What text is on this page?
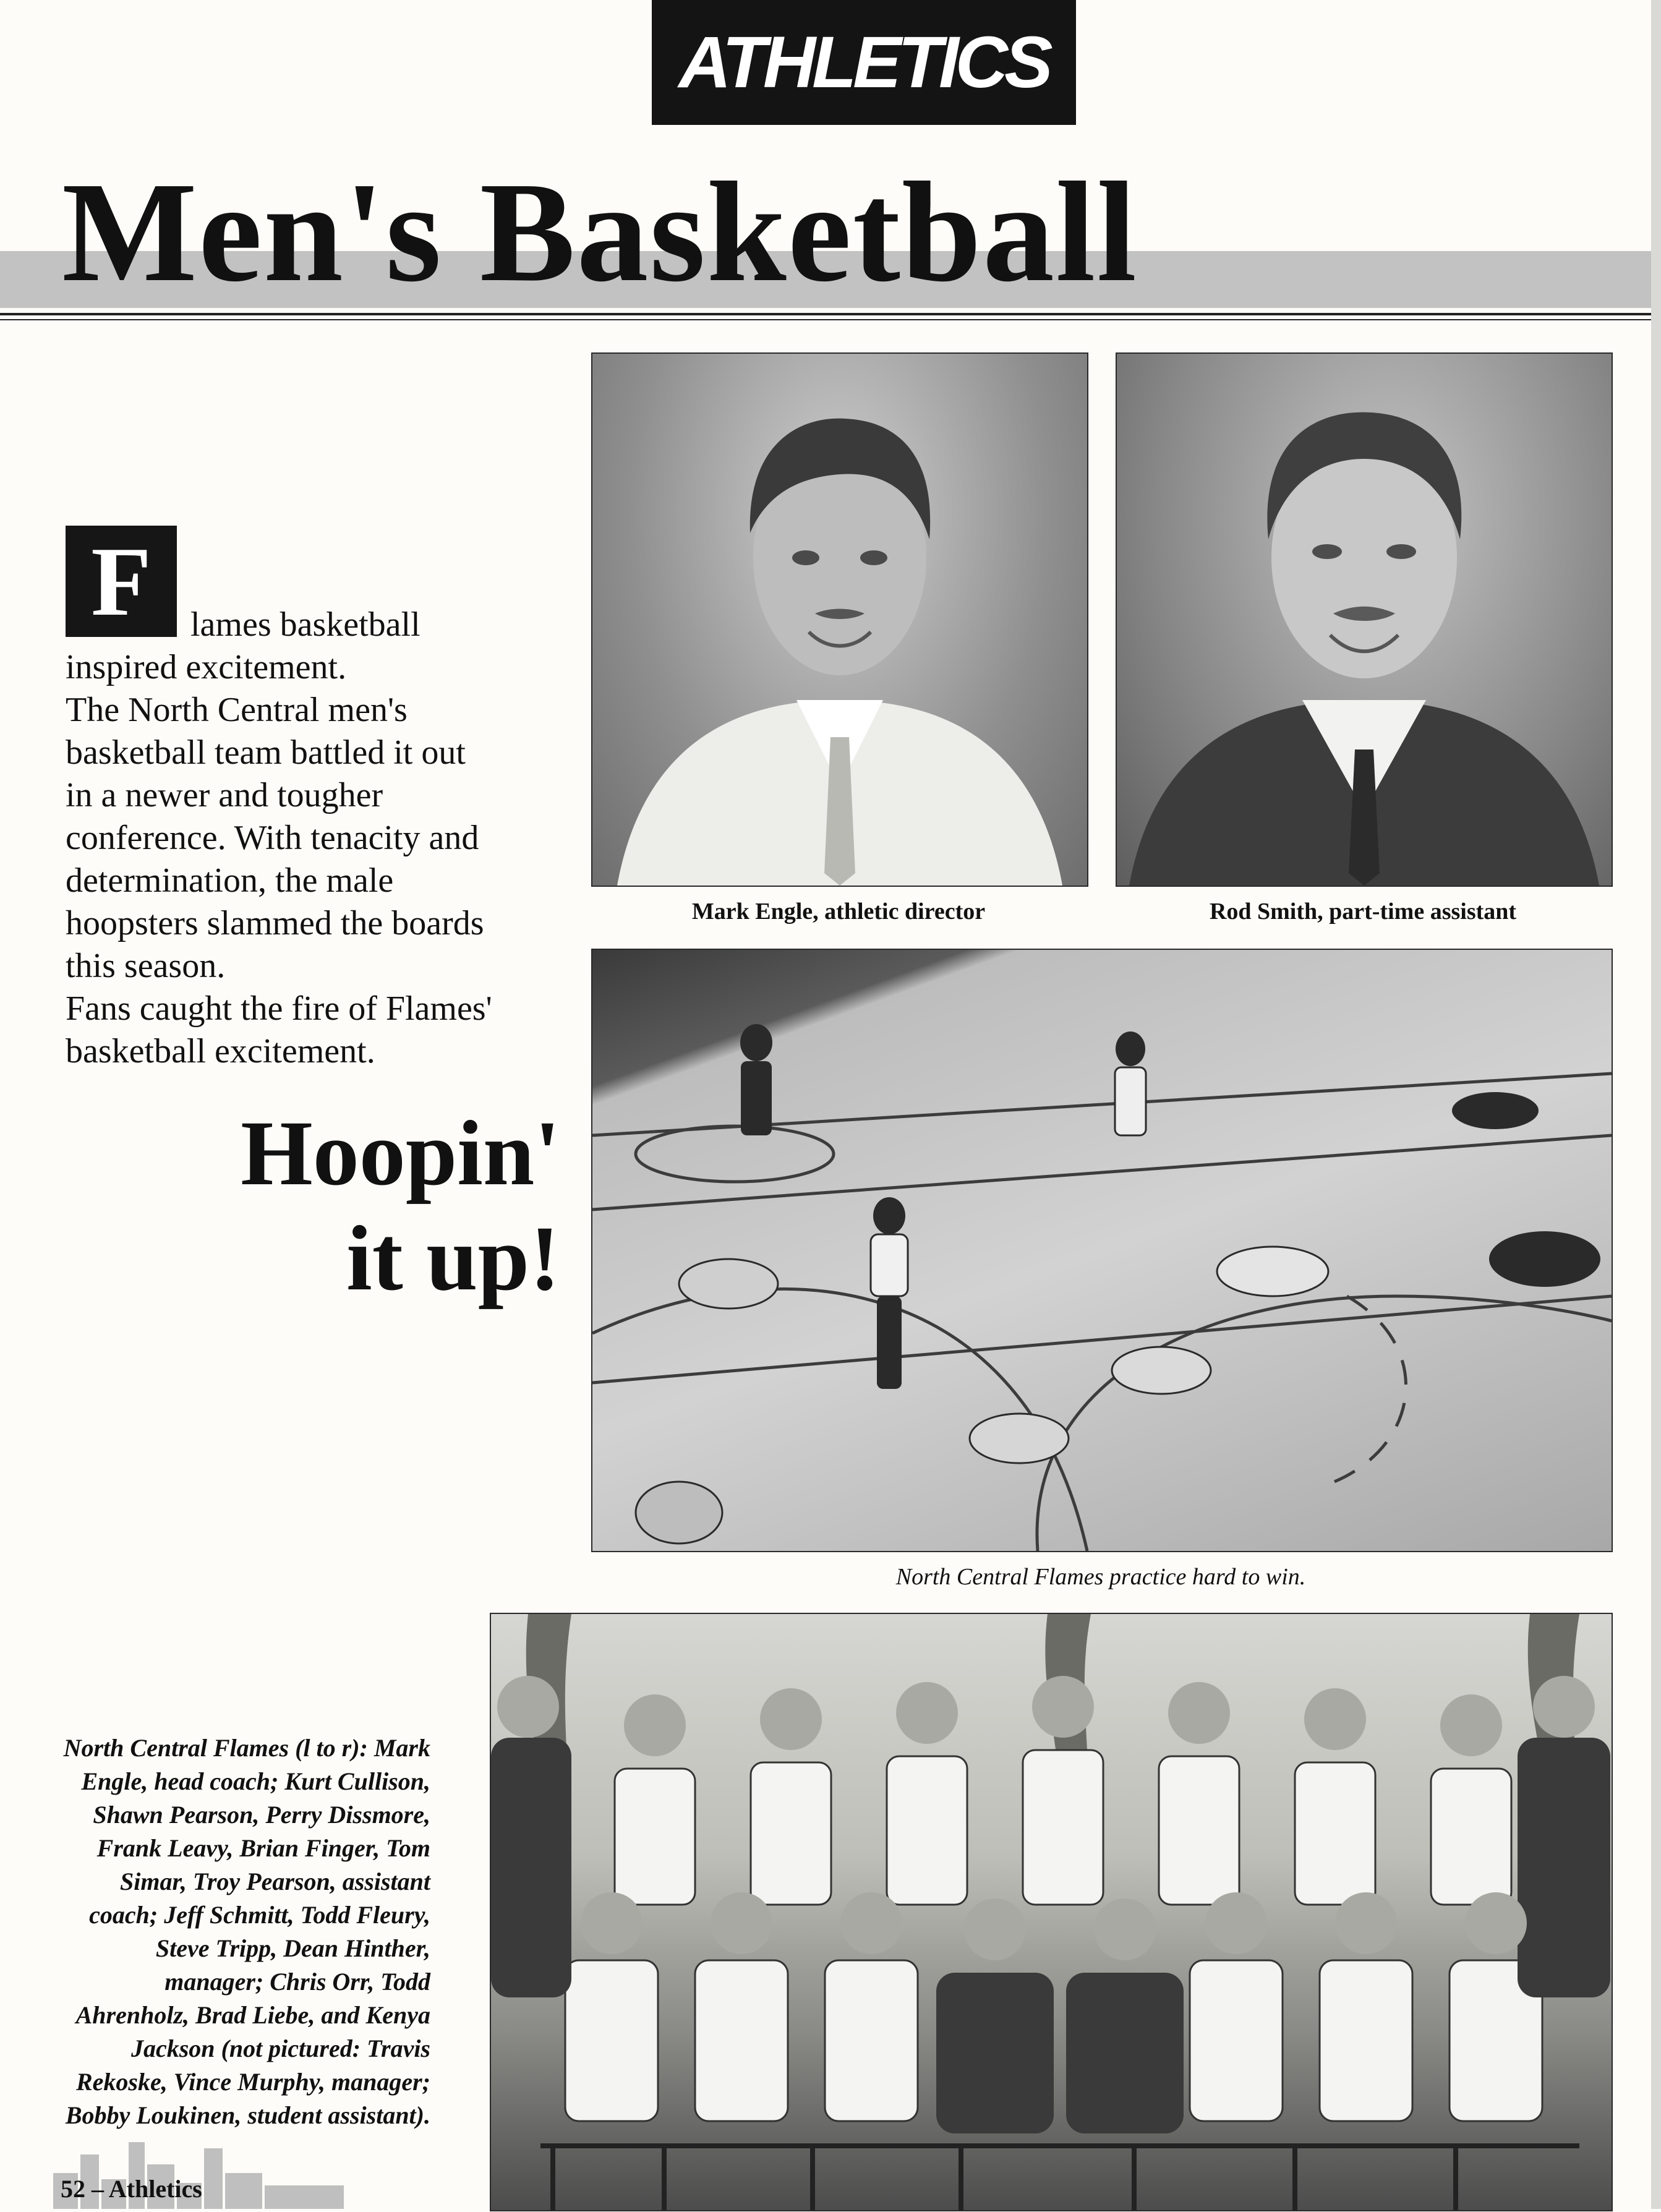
ATHLETICS
Men's Basketball
F	lames basketball
inspired excitement.
The North Central men's
basketball team battled it out
in a newer and tougher
conference. With tenacity and
determination, the male
hoopsters slammed the boards
this season.
Fans caught the fire of Flames'
basketball excitement.
Hoopin'
it up!
Mark Engle, athletic director	Rod Smith, part-time assistant
North Central Flames practice hard to win.
North Central Flames (l to r): Mark Engle, head coach; Kurt Cullison, Shawn Pearson, Perry Dissmore, Frank Leavy, Brian Finger, Tom Simar, Troy Pearson, assistant coach; Jeff Schmitt, Todd Fleury, Steve Tripp, Dean Hinther, manager; Chris Orr, Todd Ahrenholz, Brad Liebe, and Kenya Jackson (not pictured: Travis Rekoske, Vince Murphy, manager; Bobby Loukinen, student assistant).
52 – Athletics
